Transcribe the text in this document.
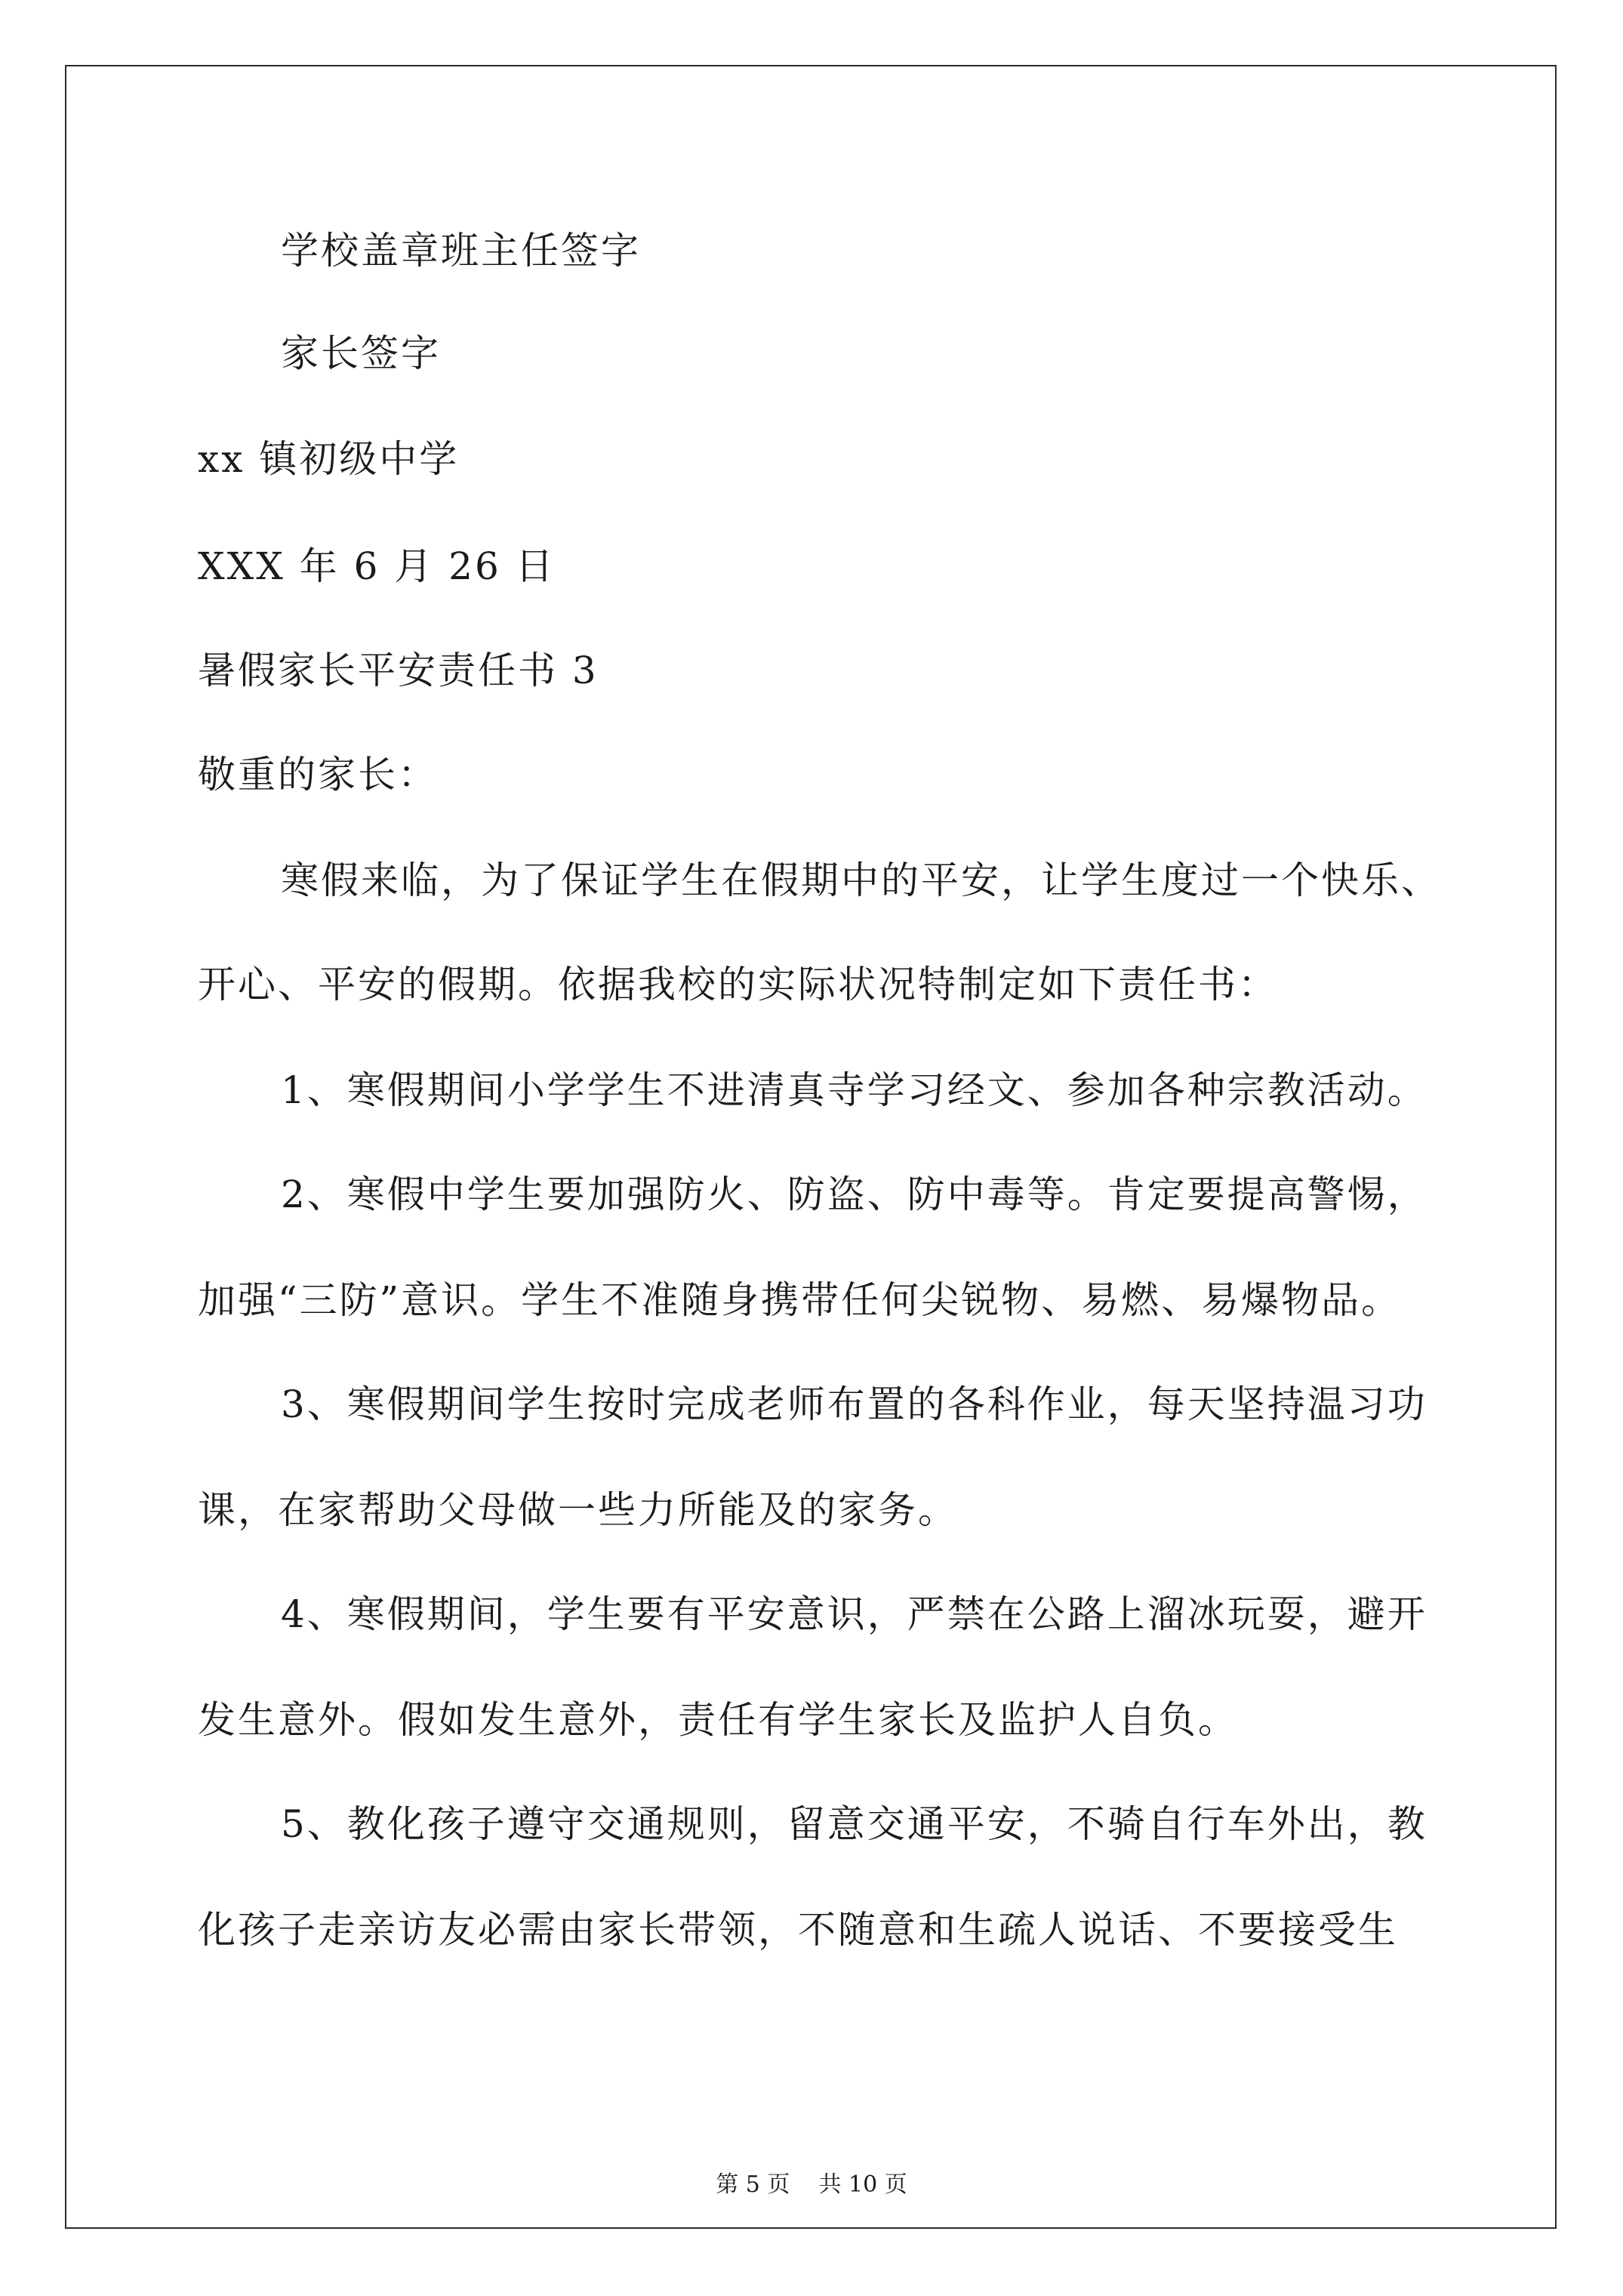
学校盖章班主任签字
家长签字
xx 镇初级中学
XXX 年 6 月 26 日
暑假家长平安责任书 3
敬重的家长：
寒假来临，为了保证学生在假期中的平安，让学生度过一个快乐、
开心、平安的假期。依据我校的实际状况特制定如下责任书：
1、寒假期间小学学生不进清真寺学习经文、参加各种宗教活动。
2、寒假中学生要加强防火、防盗、防中毒等。肯定要提高警惕，
加强“三防”意识。学生不准随身携带任何尖锐物、易燃、易爆物品。
3、寒假期间学生按时完成老师布置的各科作业，每天坚持温习功
课，在家帮助父母做一些力所能及的家务。
4、寒假期间，学生要有平安意识，严禁在公路上溜冰玩耍，避开
发生意外。假如发生意外，责任有学生家长及监护人自负。
5、教化孩子遵守交通规则，留意交通平安，不骑自行车外出，教
化孩子走亲访友必需由家长带领，不随意和生疏人说话、不要接受生
第 5 页    共 10 页
